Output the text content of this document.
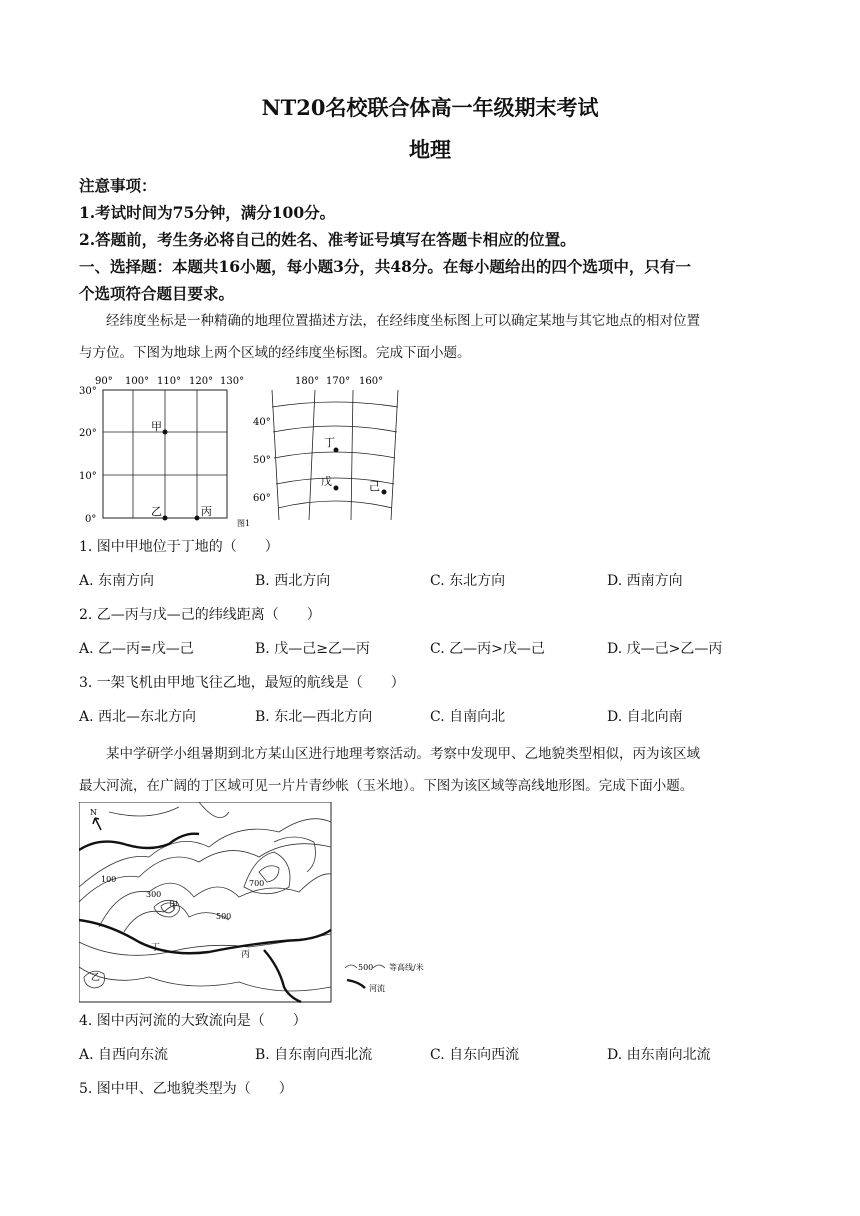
NT20名校联合体高一年级期末考试
地理
注意事项：
1.考试时间为75分钟，满分100分。
2.答题前，考生务必将自己的姓名、准考证号填写在答题卡相应的位置。
一、选择题：本题共16小题，每小题3分，共48分。在每小题给出的四个选项中，只有一
个选项符合题目要求。
经纬度坐标是一种精确的地理位置描述方法，在经纬度坐标图上可以确定某地与其它地点的相对位置
与方位。下图为地球上两个区域的经纬度坐标图。完成下面小题。
90° 100° 110° 120° 130°
30°
20°
10°
0°
甲
乙	丙
图1
180° 170° 160°
40°
50°
60°
丁
戊	己
1. 图中甲地位于丁地的（　　）
A. 东南方向	B. 西北方向	C. 东北方向	D. 西南方向
2. 乙—丙与戊—己的纬线距离（　　）
A. 乙—丙=戊—己	B. 戊—己≥乙—丙	C. 乙—丙>戊—己	D. 戊—己>乙—丙
3. 一架飞机由甲地飞往乙地，最短的航线是（　　）
A. 西北—东北方向	B. 东北—西北方向	C. 自南向北	D. 自北向南
某中学研学小组暑期到北方某山区进行地理考察活动。考察中发现甲、乙地貌类型相似，丙为该区域
最大河流，在广阔的丁区域可见一片片青纱帐（玉米地）。下图为该区域等高线地形图。完成下面小题。
N
100
300
500
700
甲
乙
丙
丁
500 等高线/米
河流
4. 图中丙河流的大致流向是（　　）
A. 自西向东流	B. 自东南向西北流	C. 自东向西流	D. 由东南向北流
5. 图中甲、乙地貌类型为（　　）
